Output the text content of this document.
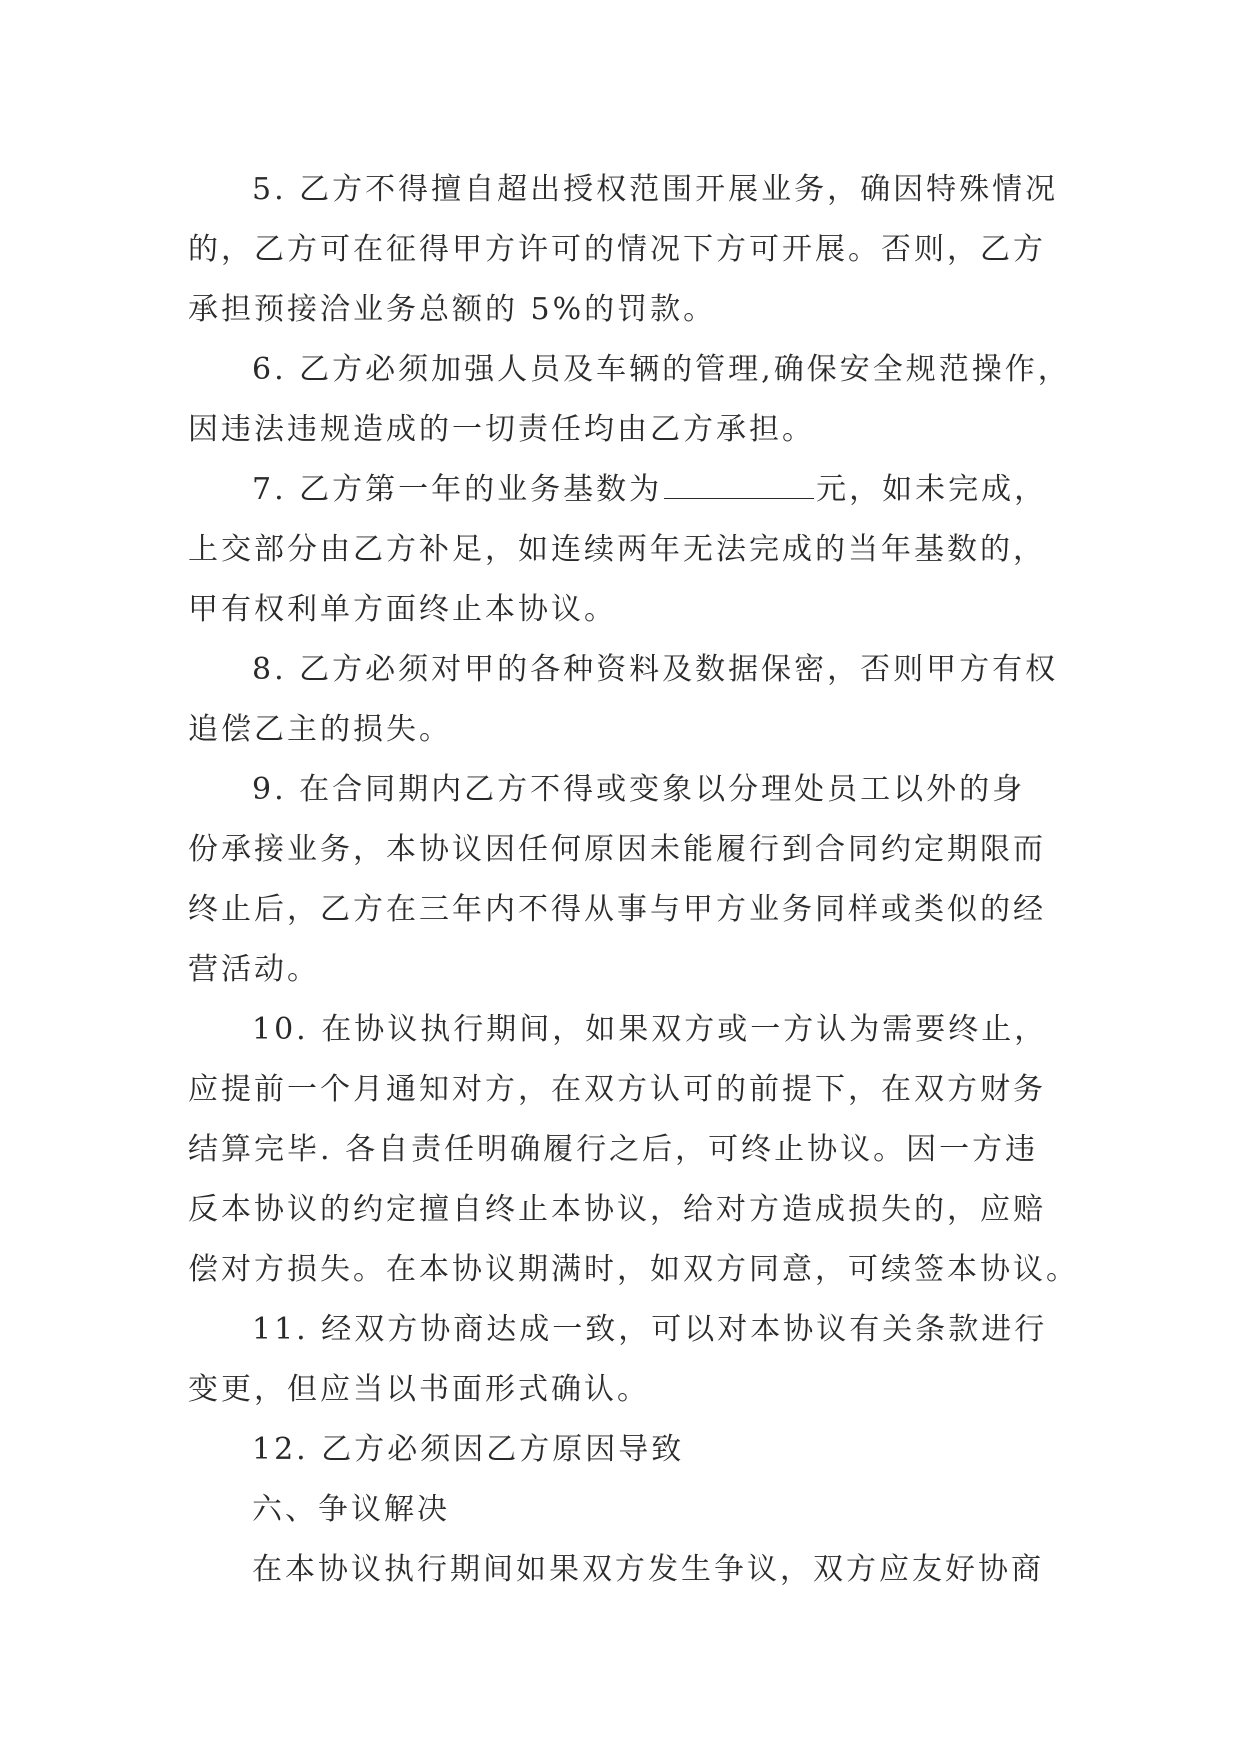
5. 乙方不得擅自超出授权范围开展业务，确因特殊情况
的，乙方可在征得甲方许可的情况下方可开展。否则，乙方
承担预接洽业务总额的 5%的罚款。
6. 乙方必须加强人员及车辆的管理,确保安全规范操作，
因违法违规造成的一切责任均由乙方承担。
7. 乙方第一年的业务基数为	元，如未完成，
上交部分由乙方补足，如连续两年无法完成的当年基数的，
甲有权利单方面终止本协议。
8. 乙方必须对甲的各种资料及数据保密，否则甲方有权
追偿乙主的损失。
9. 在合同期内乙方不得或变象以分理处员工以外的身
份承接业务，本协议因任何原因未能履行到合同约定期限而
终止后，乙方在三年内不得从事与甲方业务同样或类似的经
营活动。
10. 在协议执行期间，如果双方或一方认为需要终止，
应提前一个月通知对方，在双方认可的前提下，在双方财务
结算完毕. 各自责任明确履行之后，可终止协议。因一方违
反本协议的约定擅自终止本协议，给对方造成损失的，应赔
偿对方损失。在本协议期满时，如双方同意，可续签本协议。
11. 经双方协商达成一致，可以对本协议有关条款进行
变更，但应当以书面形式确认。
12. 乙方必须因乙方原因导致
六、争议解决
在本协议执行期间如果双方发生争议，双方应友好协商
